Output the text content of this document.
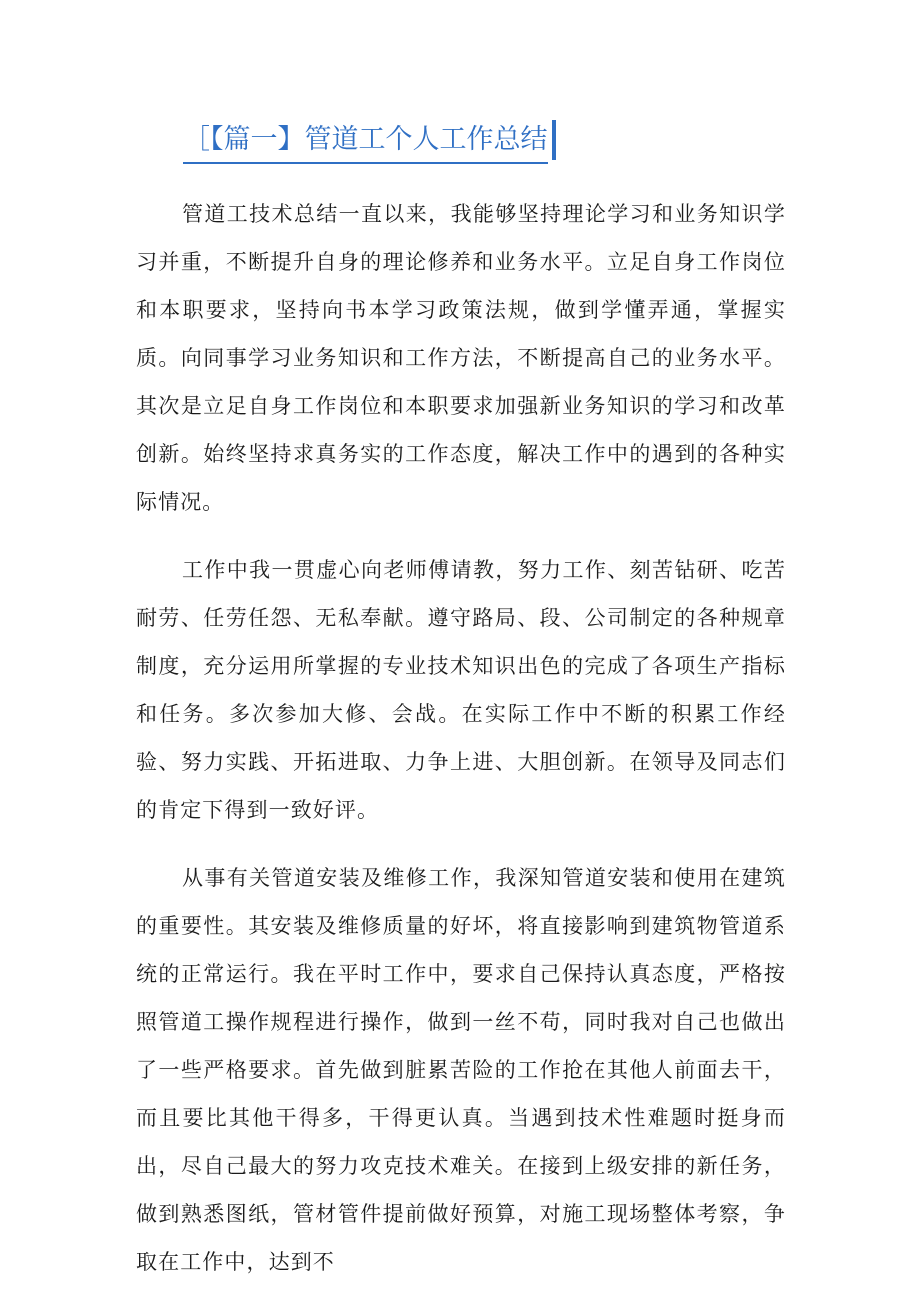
［【篇一】管道工个人工作总结

管道工技术总结一直以来，我能够坚持理论学习和业务知识学习并重，不断提升自身的理论修养和业务水平。立足自身工作岗位和本职要求，坚持向书本学习政策法规，做到学懂弄通，掌握实质。向同事学习业务知识和工作方法，不断提高自己的业务水平。其次是立足自身工作岗位和本职要求加强新业务知识的学习和改革创新。始终坚持求真务实的工作态度，解决工作中的遇到的各种实际情况。

工作中我一贯虚心向老师傅请教，努力工作、刻苦钻研、吃苦耐劳、任劳任怨、无私奉献。遵守路局、段、公司制定的各种规章制度，充分运用所掌握的专业技术知识出色的完成了各项生产指标和任务。多次参加大修、会战。在实际工作中不断的积累工作经验、努力实践、开拓进取、力争上进、大胆创新。在领导及同志们的肯定下得到一致好评。

从事有关管道安装及维修工作，我深知管道安装和使用在建筑的重要性。其安装及维修质量的好坏，将直接影响到建筑物管道系统的正常运行。我在平时工作中，要求自己保持认真态度，严格按照管道工操作规程进行操作，做到一丝不苟，同时我对自己也做出了一些严格要求。首先做到脏累苦险的工作抢在其他人前面去干，而且要比其他干得多，干得更认真。当遇到技术性难题时挺身而出，尽自己最大的努力攻克技术难关。在接到上级安排的新任务，做到熟悉图纸，管材管件提前做好预算，对施工现场整体考察，争取在工作中，达到不
